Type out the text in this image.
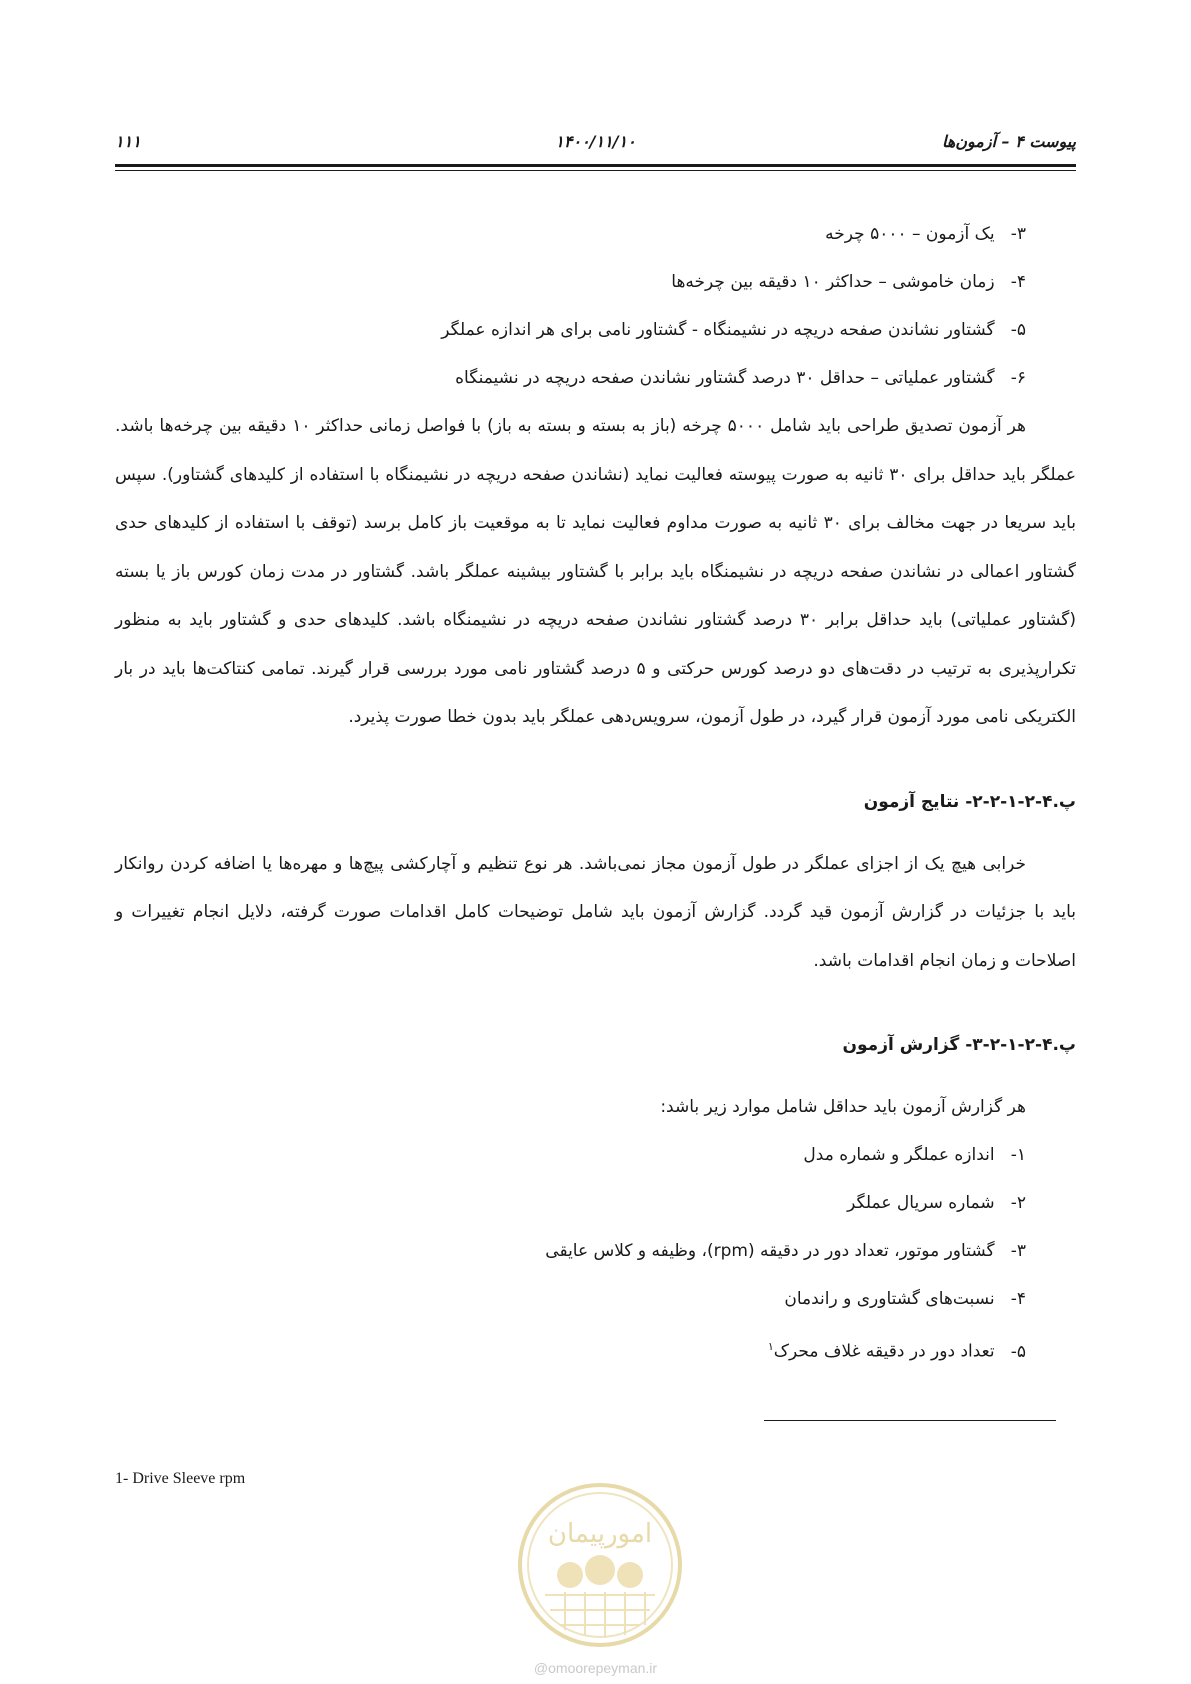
پیوست ۴ – آزمون‌ها
۱۴۰۰/۱۱/۱۰
۱۱۱
۳- یک آزمون – ۵۰۰۰ چرخه
۴- زمان خاموشی – حداکثر ۱۰ دقیقه بین چرخه‌ها
۵- گشتاور نشاندن صفحه دریچه در نشیمنگاه - گشتاور نامی برای هر اندازه عملگر
۶- گشتاور عملیاتی – حداقل ۳۰ درصد گشتاور نشاندن صفحه دریچه در نشیمنگاه

هر آزمون تصدیق طراحی باید شامل ۵۰۰۰ چرخه (باز به بسته و بسته به باز) با فواصل زمانی حداکثر ۱۰ دقیقه بین چرخه‌ها باشد. عملگر باید حداقل برای ۳۰ ثانیه به صورت پیوسته فعالیت نماید (نشاندن صفحه دریچه در نشیمنگاه با استفاده از کلیدهای گشتاور). سپس باید سریعا در جهت مخالف برای ۳۰ ثانیه به صورت مداوم فعالیت نماید تا به موقعیت باز کامل برسد (توقف با استفاده از کلیدهای حدی گشتاور اعمالی در نشاندن صفحه دریچه در نشیمنگاه باید برابر با گشتاور بیشینه عملگر باشد. گشتاور در مدت زمان کورس باز یا بسته (گشتاور عملیاتی) باید حداقل برابر ۳۰ درصد گشتاور نشاندن صفحه دریچه در نشیمنگاه باشد. کلیدهای حدی و گشتاور باید به منظور تکرارپذیری به ترتیب در دقت‌های دو درصد کورس حرکتی و ۵ درصد گشتاور نامی مورد بررسی قرار گیرند. تمامی کنتاکت‌ها باید در بار الکتریکی نامی مورد آزمون قرار گیرد، در طول آزمون، سرویس‌دهی عملگر باید بدون خطا صورت پذیرد.

پ.۴-۲-۱-۲-۲- نتایج آزمون

خرابی هیچ یک از اجزای عملگر در طول آزمون مجاز نمی‌باشد. هر نوع تنظیم و آچارکشی پیچ‌ها و مهره‌ها یا اضافه کردن روانکار باید با جزئیات در گزارش آزمون قید گردد. گزارش آزمون باید شامل توضیحات کامل اقدامات صورت گرفته، دلایل انجام تغییرات و اصلاحات و زمان انجام اقدامات باشد.

پ.۴-۲-۱-۲-۳- گزارش آزمون

هر گزارش آزمون باید حداقل شامل موارد زیر باشد:

۱- اندازه عملگر و شماره مدل
۲- شماره سریال عملگر
۳- گشتاور موتور، تعداد دور در دقیقه (rpm)، وظیفه و کلاس عایقی
۴- نسبت‌های گشتاوری و راندمان
۵- تعداد دور در دقیقه غلاف محرک$^۱$
1- Drive Sleeve rpm
امورپیمان
@omoorepeyman.ir
